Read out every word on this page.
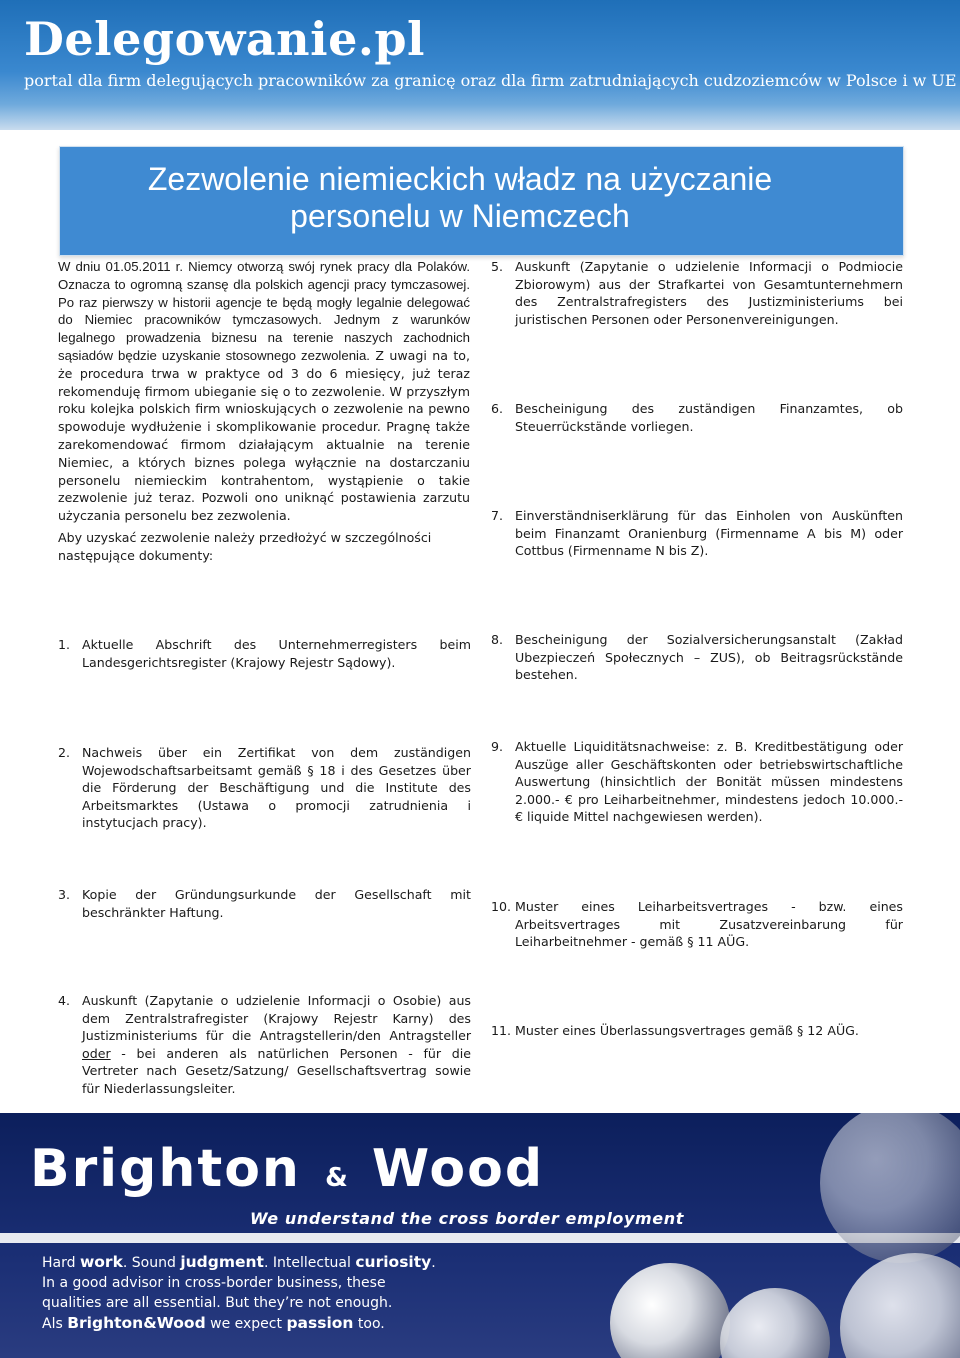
Delegowanie.pl

portal dla firm delegujących pracowników za granicę oraz dla firm zatrudniających cudzoziemców w Polsce i w UE

Zezwolenie niemieckich władz na użyczanie personelu w Niemczech

W dniu 01.05.2011 r. Niemcy otworzą swój rynek pracy dla Polaków. Oznacza to ogromną szansę dla polskich agencji pracy tymczasowej. Po raz pierwszy w historii agencje te będą mogły legalnie delegować do Niemiec pracowników tymczasowych. Jednym z warunków legalnego prowadzenia biznesu na terenie naszych zachodnich sąsiadów będzie uzyskanie stosownego zezwolenia. Z uwagi na to, że procedura trwa w praktyce od 3 do 6 miesięcy, już teraz rekomenduję firmom ubieganie się o to zezwolenie. W przyszłym roku kolejka polskich firm wnioskujących o zezwolenie na pewno spowoduje wydłużenie i skomplikowanie procedur. Pragnę także zarekomendować firmom działającym aktualnie na terenie Niemiec, a których biznes polega wyłącznie na dostarczaniu personelu niemieckim kontrahentom, wystąpienie o takie zezwolenie już teraz. Pozwoli ono uniknąć postawienia zarzutu użyczania personelu bez zezwolenia.

Aby uzyskać zezwolenie należy przedłożyć w szczególności następujące dokumenty:
1. Aktuelle Abschrift des Unternehmerregisters beim Landesgerichtsregister (Krajowy Rejestr Sądowy).
2. Nachweis über ein Zertifikat von dem zuständigen Wojewodschaftsarbeitsamt gemäß § 18 i des Gesetzes über die Förderung der Beschäftigung und die Institute des Arbeitsmarktes (Ustawa o promocji zatrudnienia i instytucjach pracy).
3. Kopie der Gründungsurkunde der Gesellschaft mit beschränkter Haftung.
4. Auskunft (Zapytanie o udzielenie Informacji o Osobie) aus dem Zentralstrafregister (Krajowy Rejestr Karny) des Justizministeriums für die Antragstellerin/den Antragsteller oder - bei anderen als natürlichen Personen - für die Vertreter nach Gesetz/Satzung/ Gesellschaftsvertrag sowie für Niederlassungsleiter.
5. Auskunft (Zapytanie o udzielenie Informacji o Podmiocie Zbiorowym) aus der Strafkartei von Gesamtunternehmern des Zentralstrafregisters des Justizministeriums bei juristischen Personen oder Personenvereinigungen.
6. Bescheinigung des zuständigen Finanzamtes, ob Steuerrückstände vorliegen.
7. Einverständniserklärung für das Einholen von Auskünften beim Finanzamt Oranienburg (Firmenname A bis M) oder Cottbus (Firmenname N bis Z).
8. Bescheinigung der Sozialversicherungsanstalt (Zakład Ubezpieczeń Społecznych – ZUS), ob Beitragsrückstände bestehen.
9. Aktuelle Liquiditätsnachweise: z. B. Kreditbestätigung oder Auszüge aller Geschäftskonten oder betriebswirtschaftliche Auswertung (hinsichtlich der Bonität müssen mindestens 2.000.- € pro Leiharbeitnehmer, mindestens jedoch 10.000.- € liquide Mittel nachgewiesen werden).
10. Muster eines Leiharbeitsvertrages - bzw. eines Arbeitsvertrages mit Zusatzvereinbarung für Leiharbeitnehmer - gemäß § 11 AÜG.
11. Muster eines Überlassungsvertrages gemäß § 12 AÜG.
Brighton & Wood

We understand the cross border employment

Hard work. Sound judgment. Intellectual curiosity.
In a good advisor in cross-border business, these
qualities are all essential. But they’re not enough.
Als Brighton&Wood we expect passion too.
